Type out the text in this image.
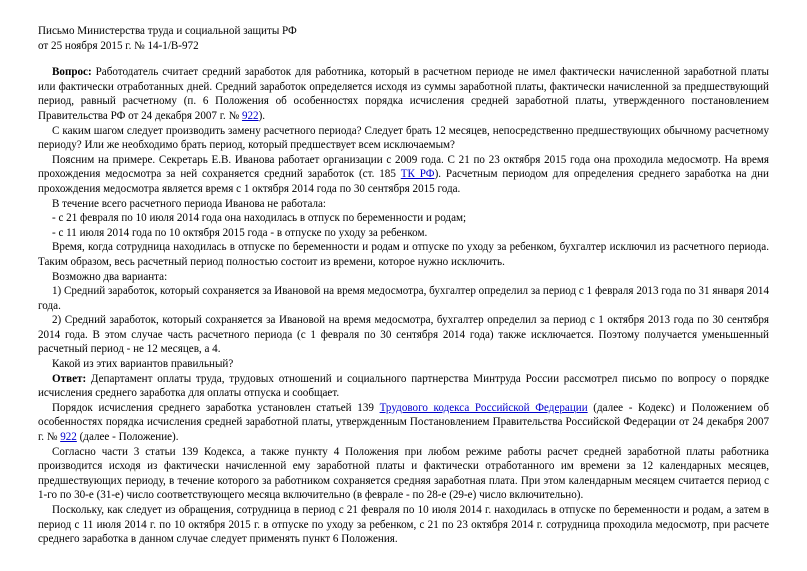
Письмо Министерства труда и социальной защиты РФ
от 25 ноября 2015 г. № 14-1/В-972

Вопрос: Работодатель считает средний заработок для работника, который в расчетном периоде не имел фактически начисленной заработной платы или фактически отработанных дней. Средний заработок определяется исходя из суммы заработной платы, фактически начисленной за предшествующий период, равный расчетному (п. 6 Положения об особенностях порядка исчисления средней заработной платы, утвержденного постановлением Правительства РФ от 24 декабря 2007 г. № 922).

С каким шагом следует производить замену расчетного периода? Следует брать 12 месяцев, непосредственно предшествующих обычному расчетному периоду? Или же необходимо брать период, который предшествует всем исключаемым?

Поясним на примере. Секретарь Е.В. Иванова работает организации с 2009 года. С 21 по 23 октября 2015 года она проходила медосмотр. На время прохождения медосмотра за ней сохраняется средний заработок (ст. 185 ТК РФ). Расчетным периодом для определения среднего заработка на дни прохождения медосмотра является время с 1 октября 2014 года по 30 сентября 2015 года.

В течение всего расчетного периода Иванова не работала:

- с 21 февраля по 10 июля 2014 года она находилась в отпуск по беременности и родам;

- с 11 июля 2014 года по 10 октября 2015 года - в отпуске по уходу за ребенком.

Время, когда сотрудница находилась в отпуске по беременности и родам и отпуске по уходу за ребенком, бухгалтер исключил из расчетного периода. Таким образом, весь расчетный период полностью состоит из времени, которое нужно исключить.

Возможно два варианта:

1) Средний заработок, который сохраняется за Ивановой на время медосмотра, бухгалтер определил за период с 1 февраля 2013 года по 31 января 2014 года.

2) Средний заработок, который сохраняется за Ивановой на время медосмотра, бухгалтер определил за период с 1 октября 2013 года по 30 сентября 2014 года. В этом случае часть расчетного периода (с 1 февраля по 30 сентября 2014 года) также исключается. Поэтому получается уменьшенный расчетный период - не 12 месяцев, а 4.

Какой из этих вариантов правильный?

Ответ: Департамент оплаты труда, трудовых отношений и социального партнерства Минтруда России рассмотрел письмо по вопросу о порядке исчисления среднего заработка для оплаты отпуска и сообщает.

Порядок исчисления среднего заработка установлен статьей 139 Трудового кодекса Российской Федерации (далее - Кодекс) и Положением об особенностях порядка исчисления средней заработной платы, утвержденным Постановлением Правительства Российской Федерации от 24 декабря 2007 г. № 922 (далее - Положение).

Согласно части 3 статьи 139 Кодекса, а также пункту 4 Положения при любом режиме работы расчет средней заработной платы работника производится исходя из фактически начисленной ему заработной платы и фактически отработанного им времени за 12 календарных месяцев, предшествующих периоду, в течение которого за работником сохраняется средняя заработная плата. При этом календарным месяцем считается период с 1-го по 30-е (31-е) число соответствующего месяца включительно (в феврале - по 28-е (29-е) число включительно).

Поскольку, как следует из обращения, сотрудница в период с 21 февраля по 10 июля 2014 г. находилась в отпуске по беременности и родам, а затем в период с 11 июля 2014 г. по 10 октября 2015 г. в отпуске по уходу за ребенком, с 21 по 23 октября 2014 г. сотрудница проходила медосмотр, при расчете среднего заработка в данном случае следует применять пункт 6 Положения.
